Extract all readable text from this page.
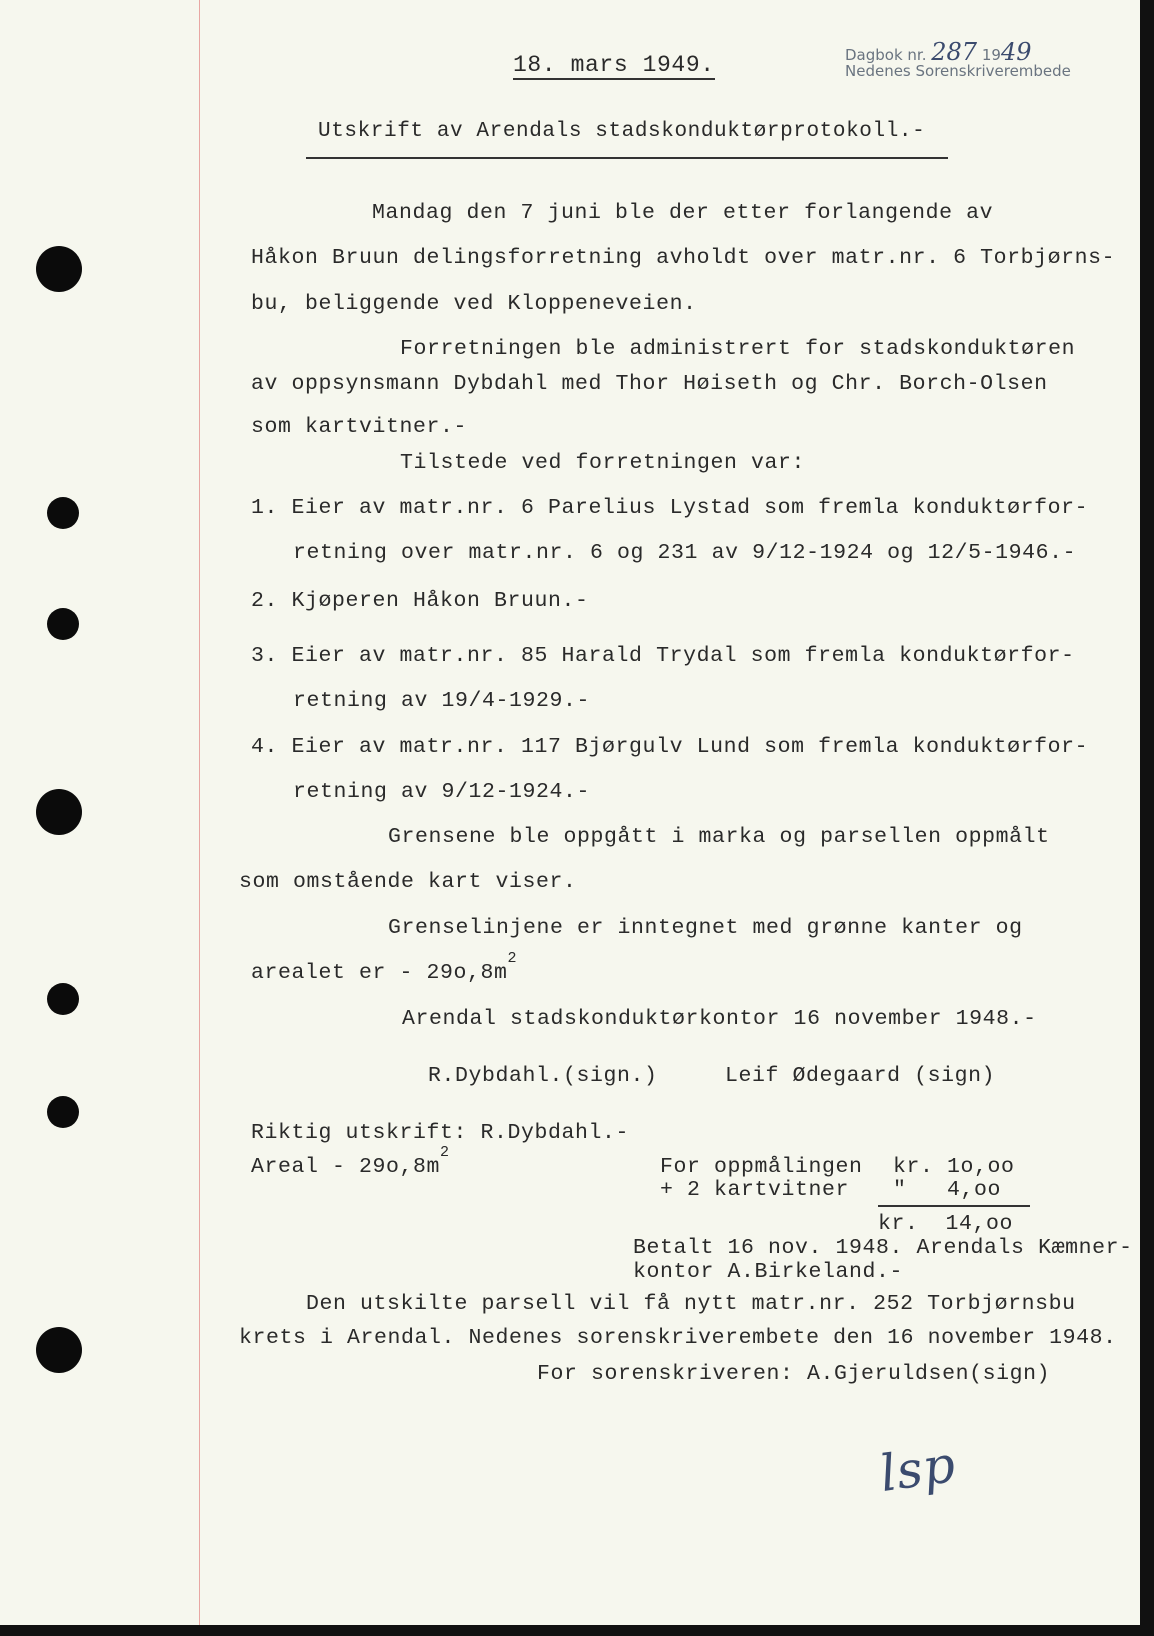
18. mars 1949.	Dagbok nr. 287 1949
Nedenes Sorenskriverembede
Utskrift av Arendals stadskonduktørprotokoll.-
Mandag den 7 juni ble der etter forlangende av
Håkon Bruun delingsforretning avholdt over matr.nr. 6 Torbjørns-
bu, beliggende ved Kloppeneveien.
Forretningen ble administrert for stadskonduktøren
av oppsynsmann Dybdahl med Thor Høiseth og Chr. Borch-Olsen
som kartvitner.-
Tilstede ved forretningen var:
1. Eier av matr.nr. 6 Parelius Lystad som fremla konduktørfor-
retning over matr.nr. 6 og 231 av 9/12-1924 og 12/5-1946.-
2. Kjøperen Håkon Bruun.-
3. Eier av matr.nr. 85 Harald Trydal som fremla konduktørfor-
retning av 19/4-1929.-
4. Eier av matr.nr. 117 Bjørgulv Lund som fremla konduktørfor-
retning av 9/12-1924.-
Grensene ble oppgått i marka og parsellen oppmålt
som omstående kart viser.
Grenselinjene er inntegnet med grønne kanter og
arealet er - $29o,8m^2$
Arendal stadskonduktørkontor 16 november 1948.-
R.Dybdahl.(sign.)     Leif Ødegaard (sign)
Riktig utskrift: R.Dybdahl.-
Areal - $29o,8m^2$
For oppmålingen kr. 1o,oo
+ 2 kartvitner "   4,oo
kr.  14,oo
Betalt 16 nov. 1948. Arendals Kæmner-
kontor A.Birkeland.-
Den utskilte parsell vil få nytt matr.nr. 252 Torbjørnsbu
krets i Arendal. Nedenes sorenskriverembete den 16 november 1948.
For sorenskriveren: A.Gjeruldsen(sign)
lsp
